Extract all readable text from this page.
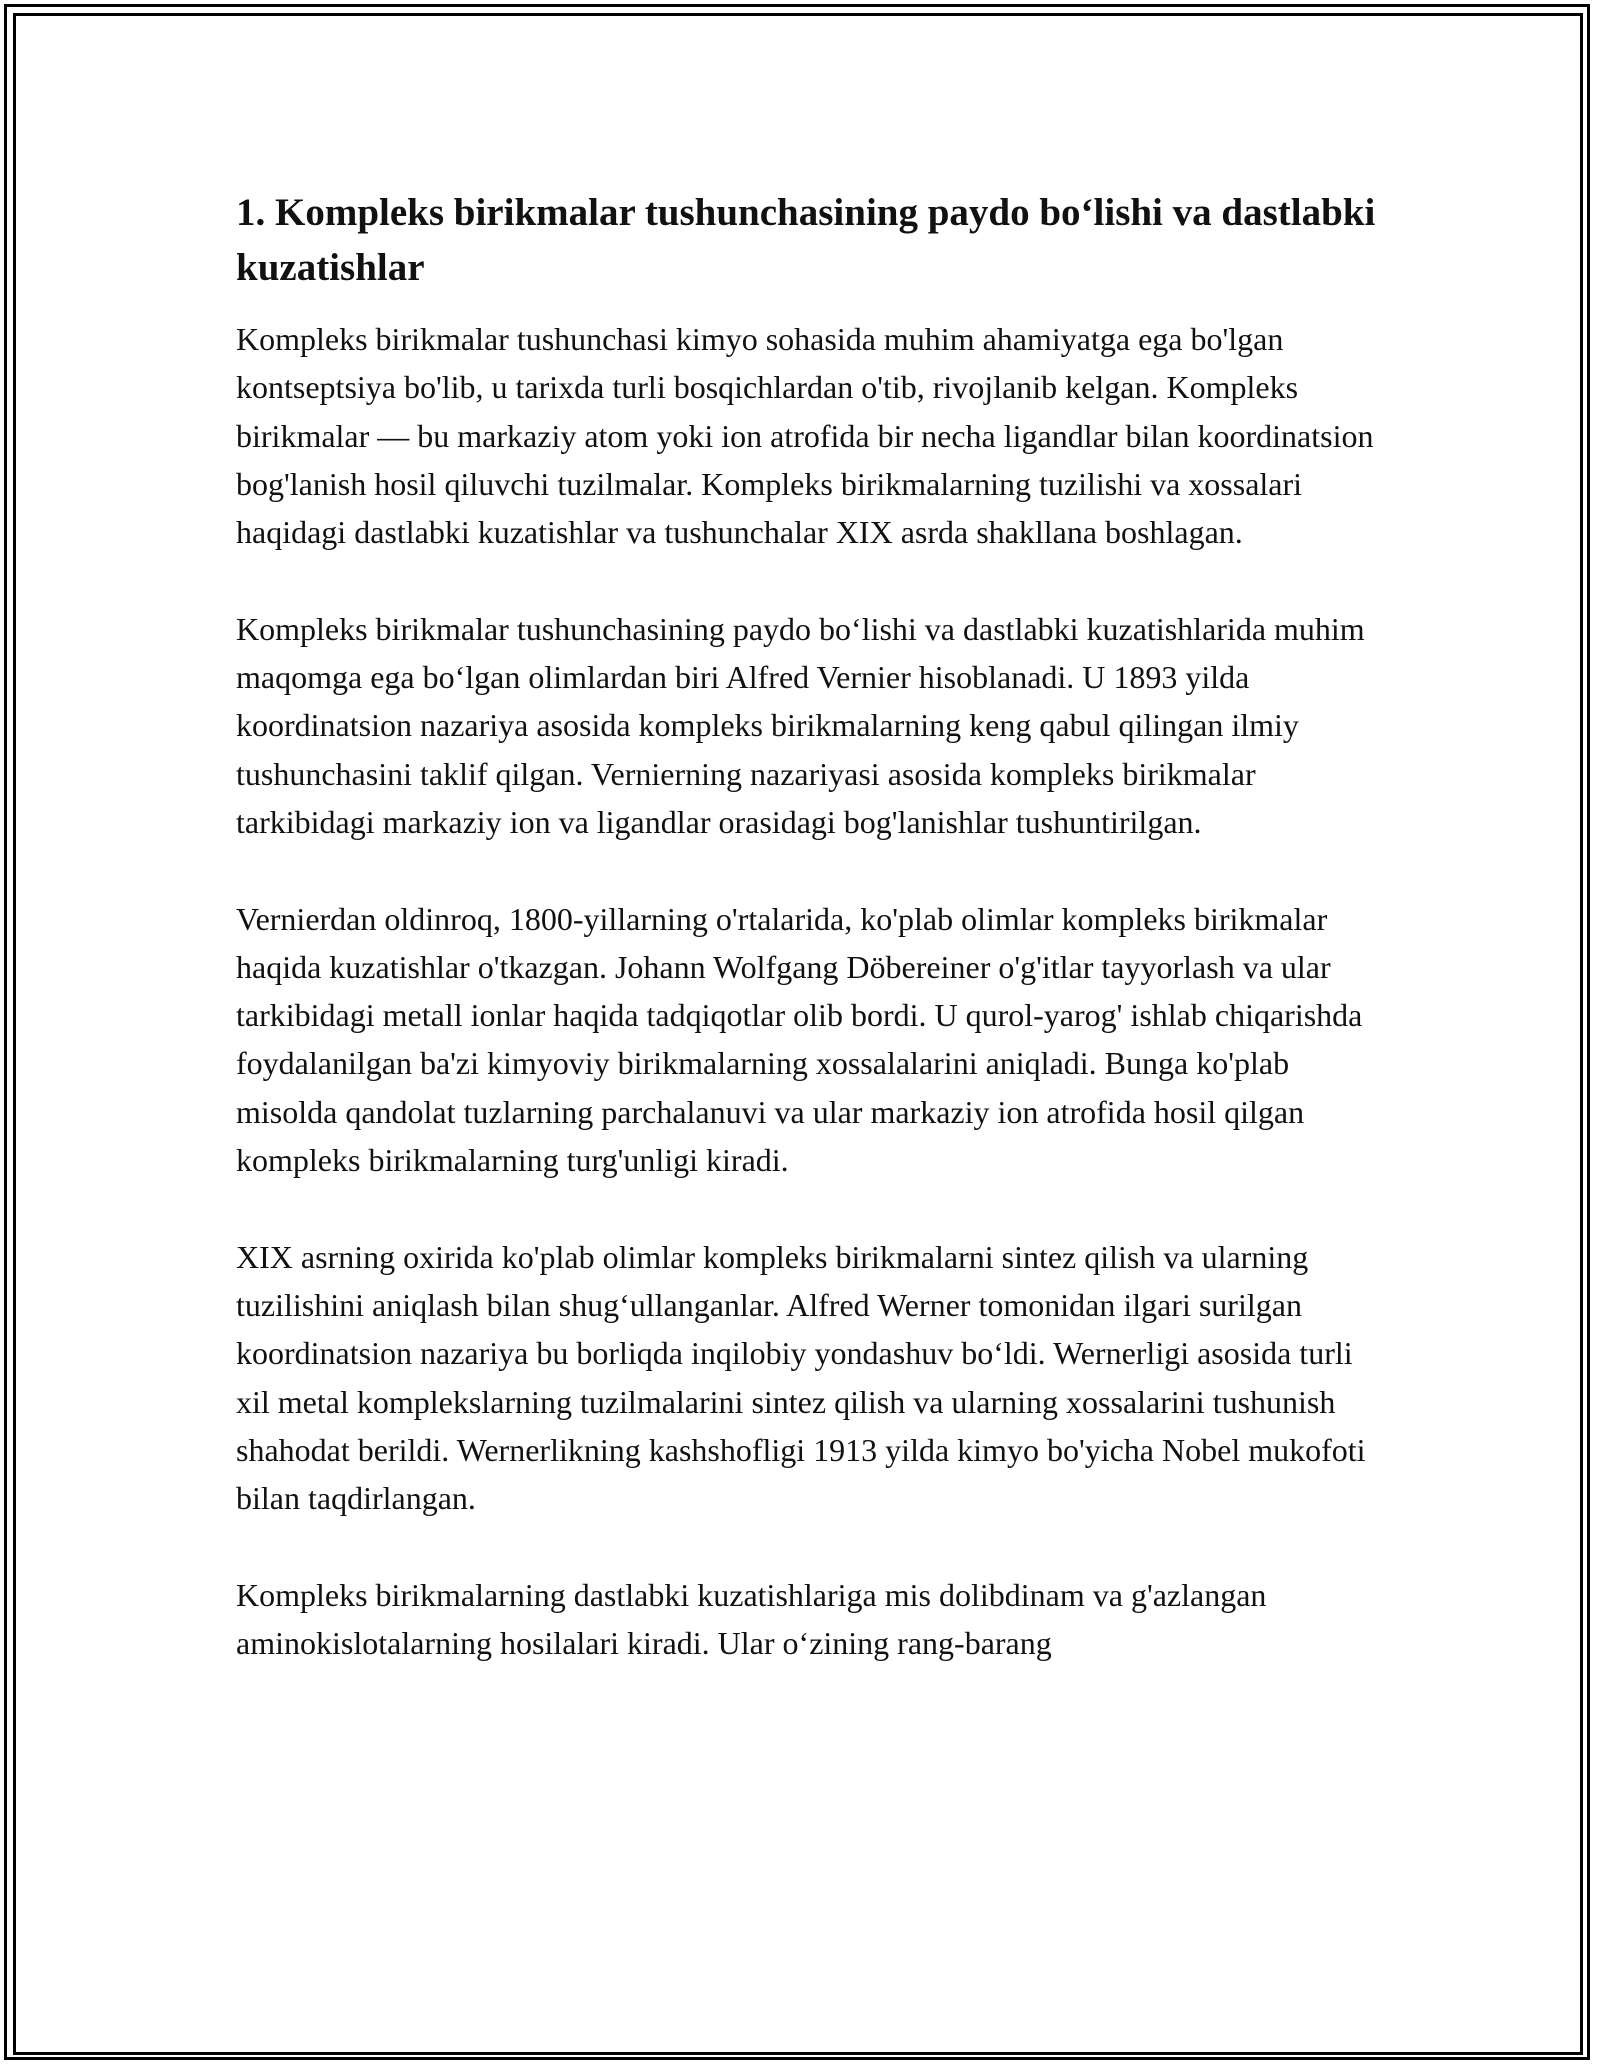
1. Kompleks birikmalar tushunchasining paydo bo‘lishi va dastlabki kuzatishlar

Kompleks birikmalar tushunchasi kimyo sohasida muhim ahamiyatga ega bo'lgan kontseptsiya bo'lib, u tarixda turli bosqichlardan o'tib, rivojlanib kelgan. Kompleks birikmalar — bu markaziy atom yoki ion atrofida bir necha ligandlar bilan koordinatsion bog'lanish hosil qiluvchi tuzilmalar. Kompleks birikmalarning tuzilishi va xossalari haqidagi dastlabki kuzatishlar va tushunchalar XIX asrda shakllana boshlagan.

Kompleks birikmalar tushunchasining paydo bo‘lishi va dastlabki kuzatishlarida muhim maqomga ega bo‘lgan olimlardan biri Alfred Vernier hisoblanadi. U 1893 yilda koordinatsion nazariya asosida kompleks birikmalarning keng qabul qilingan ilmiy tushunchasini taklif qilgan. Vernierning nazariyasi asosida kompleks birikmalar tarkibidagi markaziy ion va ligandlar orasidagi bog'lanishlar tushuntirilgan.

Vernierdan oldinroq, 1800-yillarning o'rtalarida, ko'plab olimlar kompleks birikmalar haqida kuzatishlar o'tkazgan. Johann Wolfgang Döbereiner o'g'itlar tayyorlash va ular tarkibidagi metall ionlar haqida tadqiqotlar olib bordi. U qurol-yarog' ishlab chiqarishda foydalanilgan ba'zi kimyoviy birikmalarning xossalalarini aniqladi. Bunga ko'plab misolda qandolat tuzlarning parchalanuvi va ular markaziy ion atrofida hosil qilgan kompleks birikmalarning turg'unligi kiradi.

XIX asrning oxirida ko'plab olimlar kompleks birikmalarni sintez qilish va ularning tuzilishini aniqlash bilan shug‘ullanganlar. Alfred Werner tomonidan ilgari surilgan koordinatsion nazariya bu borliqda inqilobiy yondashuv bo‘ldi. Wernerligi asosida turli xil metal komplekslarning tuzilmalarini sintez qilish va ularning xossalarini tushunish shahodat berildi. Wernerlikning kashshofligi 1913 yilda kimyo bo'yicha Nobel mukofoti bilan taqdirlangan.

Kompleks birikmalarning dastlabki kuzatishlariga mis dolibdinam va g'azlangan aminokislotalarning hosilalari kiradi. Ular o‘zining rang-barang
